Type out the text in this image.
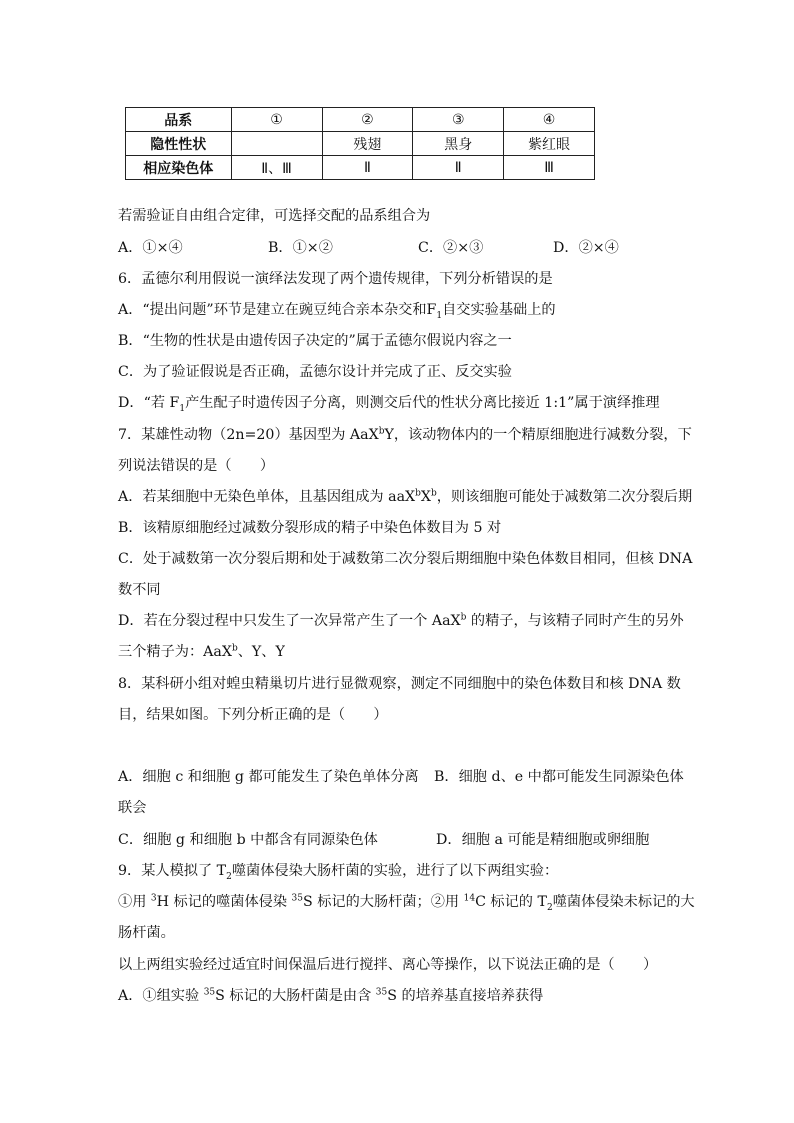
品系	①	②	③	④
隐性性状		残翅	黑身	紫红眼
相应染色体	Ⅱ、Ⅲ	Ⅱ	Ⅱ	Ⅲ
若需验证自由组合定律，可选择交配的品系组合为
A．①×④	B．①×②	C．②×③	D．②×④
6．孟德尔利用假说一演绎法发现了两个遗传规律，下列分析错误的是
A．“提出问题”环节是建立在豌豆纯合亲本杂交和$F_1$自交实验基础上的
B．“生物的性状是由遗传因子决定的”属于孟德尔假说内容之一
C．为了验证假说是否正确，孟德尔设计并完成了正、反交实验
D．“若 $F_1$产生配子时遗传因子分离，则测交后代的性状分离比接近 1:1”属于演绎推理
7．某雄性动物（2n=20）基因型为 AaX$^b$Y，该动物体内的一个精原细胞进行减数分裂，下
列说法错误的是（　　）
A．若某细胞中无染色单体，且基因组成为 $aaX^bX^b$，则该细胞可能处于减数第二次分裂后期
B．该精原细胞经过减数分裂形成的精子中染色体数目为 5 对
C．处于减数第一次分裂后期和处于减数第二次分裂后期细胞中染色体数目相同，但核 DNA
数不同
D．若在分裂过程中只发生了一次异常产生了一个 AaX$^b$ 的精子，与该精子同时产生的另外
三个精子为：AaX$^b$、Y、Y
8．某科研小组对蝗虫精巢切片进行显微观察，测定不同细胞中的染色体数目和核 DNA 数
目，结果如图。下列分析正确的是（　　）
A．细胞 c 和细胞 g 都可能发生了染色单体分离 B．细胞 d、e 中都可能发生同源染色体
联会
C．细胞 g 和细胞 b 中都含有同源染色体	D．细胞 a 可能是精细胞或卵细胞
9．某人模拟了 $T_2$噬菌体侵染大肠杆菌的实验，进行了以下两组实验：
①用 $^3$H 标记的噬菌体侵染 $^{35}$S 标记的大肠杆菌；②用 $^{14}$C 标记的 $T_2$噬菌体侵染未标记的大
肠杆菌。
以上两组实验经过适宜时间保温后进行搅拌、离心等操作，以下说法正确的是（　　）
A．①组实验 $^{35}$S 标记的大肠杆菌是由含 $^{35}$S 的培养基直接培养获得
